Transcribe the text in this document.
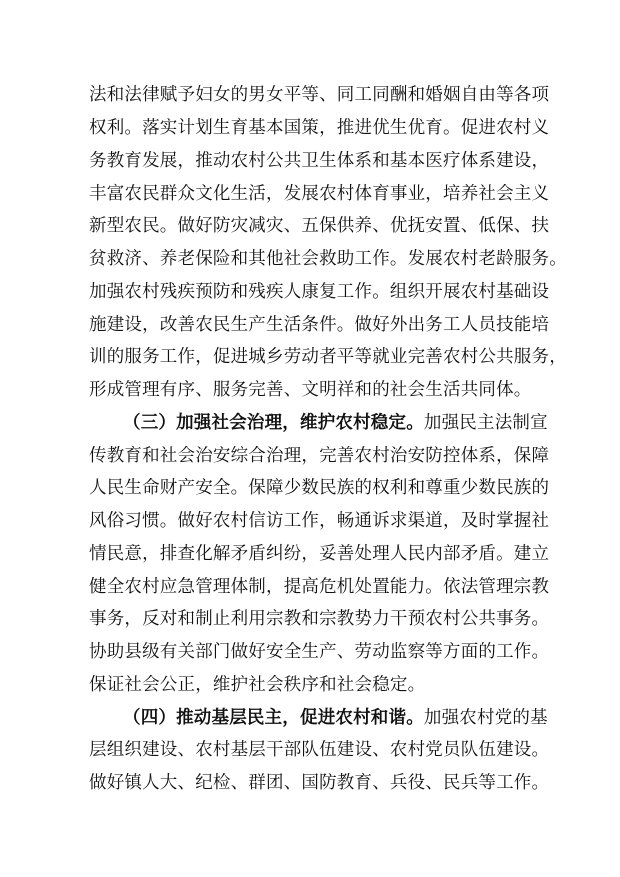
法和法律赋予妇女的男女平等、同工同酬和婚姻自由等各项
权利。落实计划生育基本国策，推进优生优育。促进农村义
务教育发展，推动农村公共卫生体系和基本医疗体系建设，
丰富农民群众文化生活，发展农村体育事业，培养社会主义
新型农民。做好防灾减灾、五保供养、优抚安置、低保、扶
贫救济、养老保险和其他社会救助工作。发展农村老龄服务。
加强农村残疾预防和残疾人康复工作。组织开展农村基础设
施建设，改善农民生产生活条件。做好外出务工人员技能培
训的服务工作，促进城乡劳动者平等就业完善农村公共服务，
形成管理有序、服务完善、文明祥和的社会生活共同体。
（三）加强社会治理，维护农村稳定。加强民主法制宣
传教育和社会治安综合治理，完善农村治安防控体系，保障
人民生命财产安全。保障少数民族的权利和尊重少数民族的
风俗习惯。做好农村信访工作，畅通诉求渠道，及时掌握社
情民意，排查化解矛盾纠纷，妥善处理人民内部矛盾。建立
健全农村应急管理体制，提高危机处置能力。依法管理宗教
事务，反对和制止利用宗教和宗教势力干预农村公共事务。
协助县级有关部门做好安全生产、劳动监察等方面的工作。
保证社会公正，维护社会秩序和社会稳定。
（四）推动基层民主，促进农村和谐。加强农村党的基
层组织建设、农村基层干部队伍建设、农村党员队伍建设。
做好镇人大、纪检、群团、国防教育、兵役、民兵等工作。
